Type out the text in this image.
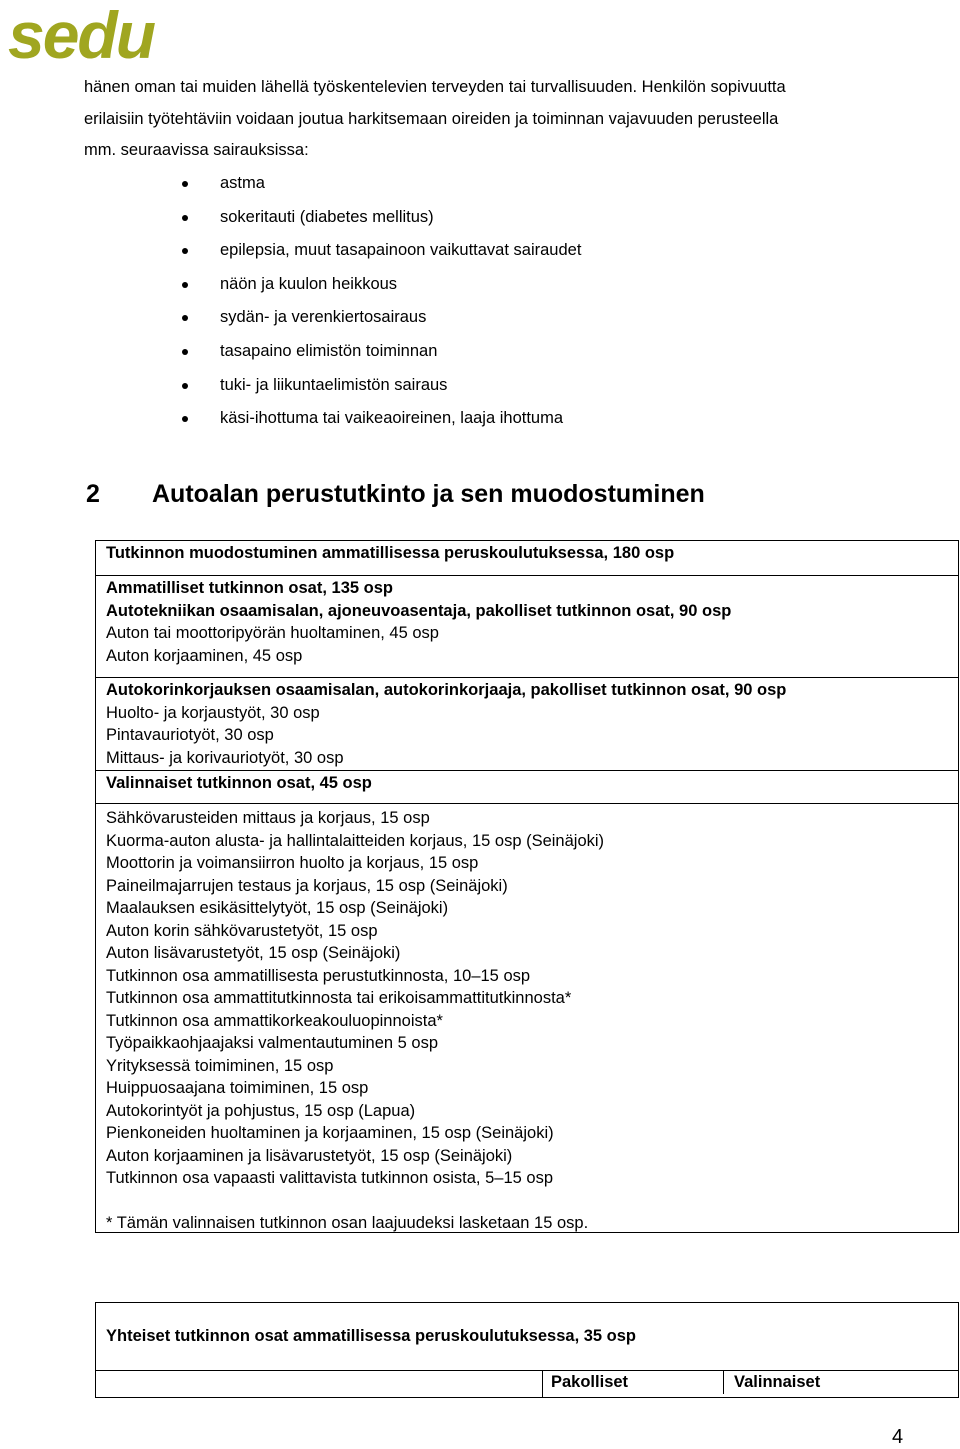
sedu

hänen oman tai muiden lähellä työskentelevien terveyden tai turvallisuuden. Henkilön sopivuutta
erilaisiin työtehtäviin voidaan joutua harkitsemaan oireiden ja toiminnan vajavuuden perusteella
mm. seuraavissa sairauksissa:

astma
sokeritauti (diabetes mellitus)
epilepsia, muut tasapainoon vaikuttavat sairaudet
näön ja kuulon heikkous
sydän- ja verenkiertosairaus
tasapaino elimistön toiminnan
tuki- ja liikuntaelimistön sairaus
käsi-ihottuma tai vaikeaoireinen, laaja ihottuma
2 Autoalan perustutkinto ja sen muodostuminen
Tutkinnon muodostuminen ammatillisessa peruskoulutuksessa, 180 osp
Ammatilliset tutkinnon osat, 135 osp
Autotekniikan osaamisalan, ajoneuvoasentaja, pakolliset tutkinnon osat, 90 osp
Auton tai moottoripyörän huoltaminen, 45 osp
Auton korjaaminen, 45 osp
Autokorinkorjauksen osaamisalan, autokorinkorjaaja, pakolliset tutkinnon osat, 90 osp
Huolto- ja korjaustyöt, 30 osp
Pintavauriotyöt, 30 osp
Mittaus- ja korivauriotyöt, 30 osp
Valinnaiset tutkinnon osat, 45 osp
Sähkövarusteiden mittaus ja korjaus, 15 osp
Kuorma-auton alusta- ja hallintalaitteiden korjaus, 15 osp (Seinäjoki)
Moottorin ja voimansiirron huolto ja korjaus, 15 osp
Paineilmajarrujen testaus ja korjaus, 15 osp (Seinäjoki)
Maalauksen esikäsittelytyöt, 15 osp (Seinäjoki)
Auton korin sähkövarustetyöt, 15 osp
Auton lisävarustetyöt, 15 osp (Seinäjoki)
Tutkinnon osa ammatillisesta perustutkinnosta, 10–15 osp
Tutkinnon osa ammattitutkinnosta tai erikoisammattitutkinnosta*
Tutkinnon osa ammattikorkeakouluopinnoista*
Työpaikkaohjaajaksi valmentautuminen 5 osp
Yrityksessä toimiminen, 15 osp
Huippuosaajana toimiminen, 15 osp
Autokorintyöt ja pohjustus, 15 osp (Lapua)
Pienkoneiden huoltaminen ja korjaaminen, 15 osp (Seinäjoki)
Auton korjaaminen ja lisävarustetyöt, 15 osp (Seinäjoki)
Tutkinnon osa vapaasti valittavista tutkinnon osista, 5–15 osp
* Tämän valinnaisen tutkinnon osan laajuudeksi lasketaan 15 osp.
Yhteiset tutkinnon osat ammatillisessa peruskoulutuksessa, 35 osp
Pakolliset	Valinnaiset
4
